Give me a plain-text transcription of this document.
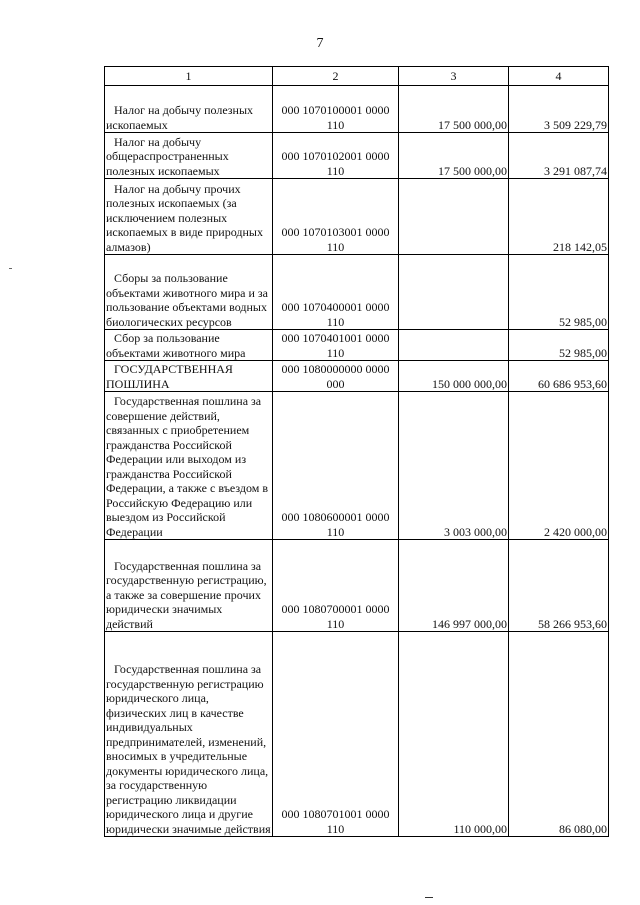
7
1	2	3	4

Налог на добычу полезных ископаемых	000 1070100001 0000 110	17 500 000,00	3 509 229,79

Налог на добычу общераспространенных полезных ископаемых	000 1070102001 0000 110	17 500 000,00	3 291 087,74

Налог на добычу прочих полезных ископаемых (за исключением полезных ископаемых в виде природных алмазов)	000 1070103001 0000 110		218 142,05

Сборы за пользование объектами животного мира и за пользование объектами водных биологических ресурсов	000 1070400001 0000 110		52 985,00

Сбор за пользование объектами животного мира	000 1070401001 0000 110		52 985,00

ГОСУДАРСТВЕННАЯ ПОШЛИНА	000 1080000000 0000 000	150 000 000,00	60 686 953,60

Государственная пошлина за совершение действий, связанных с приобретением гражданства Российской Федерации или выходом из гражданства Российской Федерации, а также с въездом в Российскую Федерацию или выездом из Российской Федерации	000 1080600001 0000 110	3 003 000,00	2 420 000,00

Государственная пошлина за государственную регистрацию, а также за совершение прочих юридически значимых действий	000 1080700001 0000 110	146 997 000,00	58 266 953,60

Государственная пошлина за государственную регистрацию юридического лица, физических лиц в качестве индивидуальных предпринимателей, изменений, вносимых в учредительные документы юридического лица, за государственную регистрацию ликвидации юридического лица и другие юридически значимые действия	000 1080701001 0000 110	110 000,00	86 080,00
